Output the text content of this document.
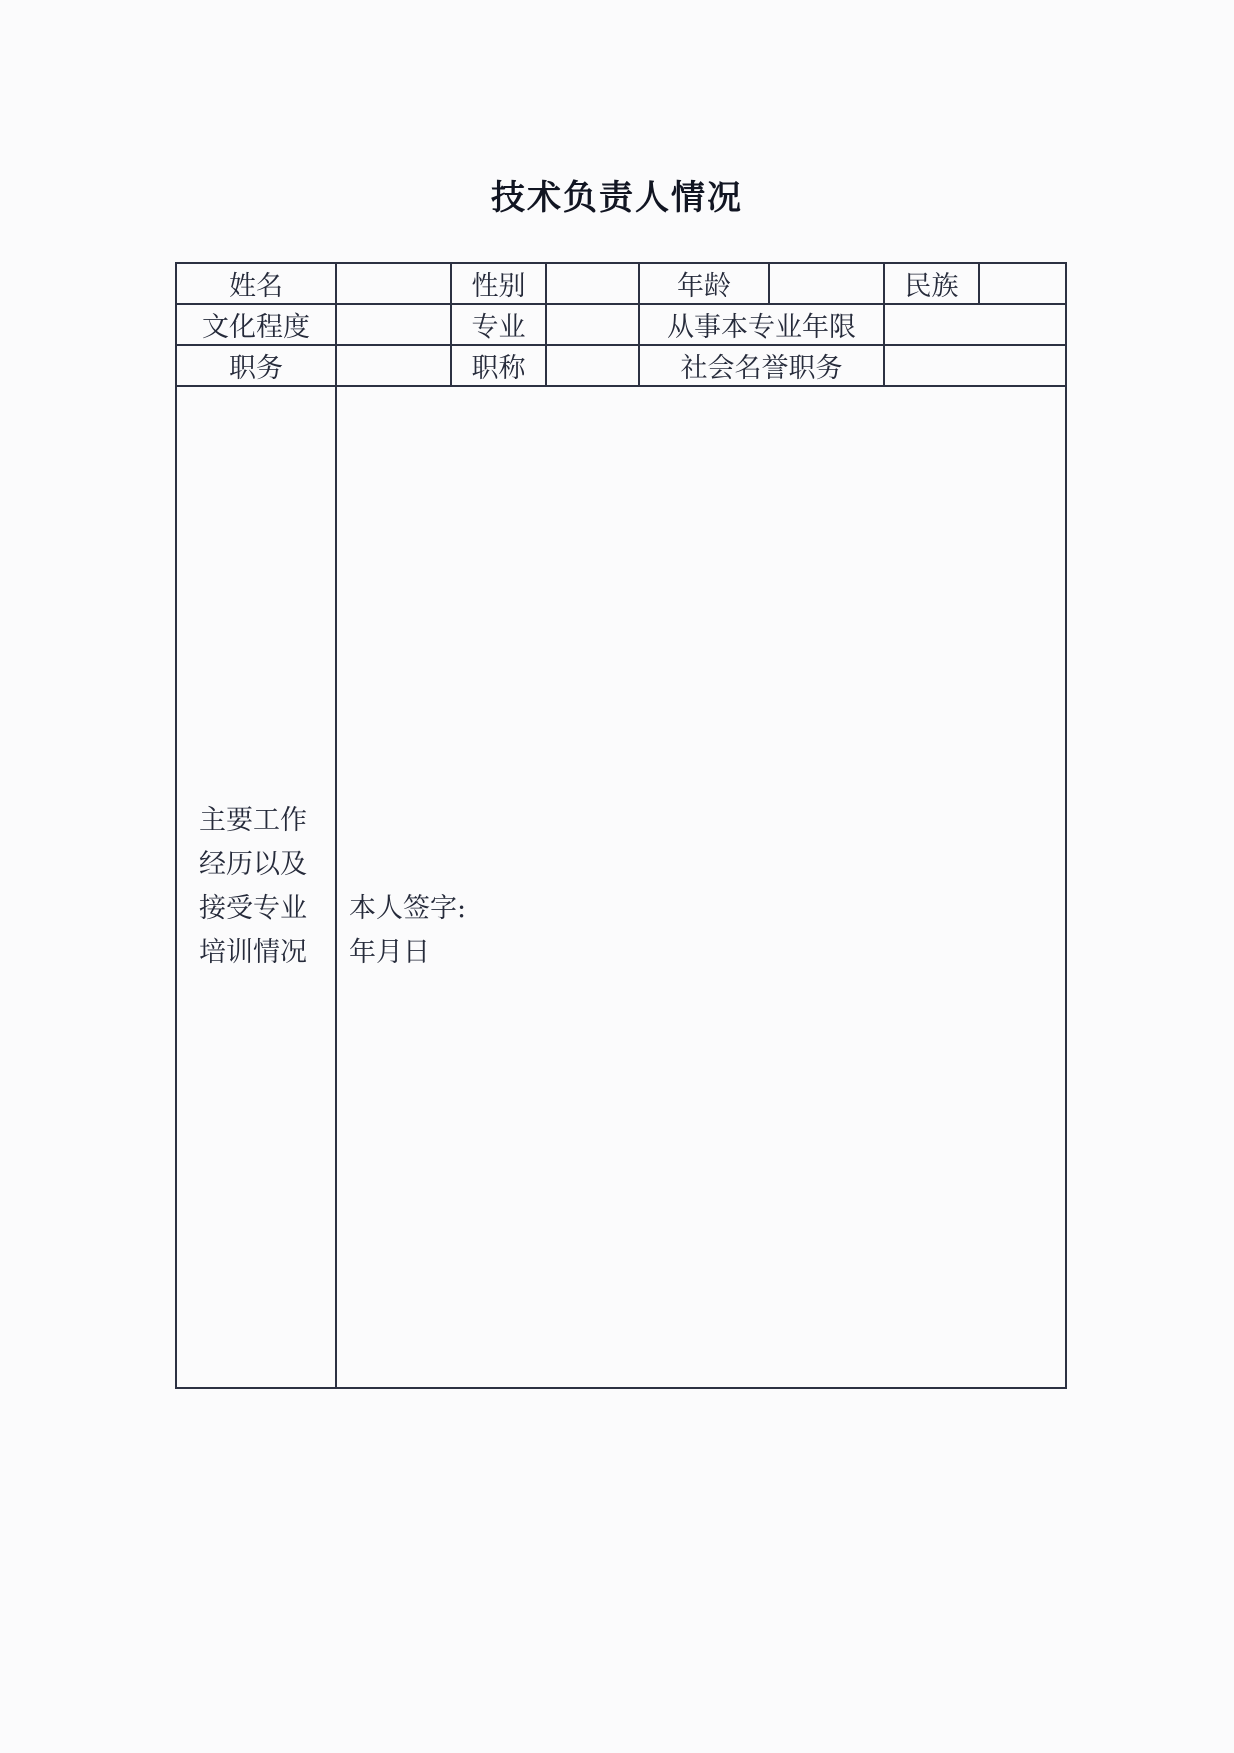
技术负责人情况
姓名		性别		年龄		民族	
文化程度		专业		从事本专业年限			
职务		职称		社会名誉职务			

主要工作
经历以及
接受专业
培训情况	本人签字:
年月日						
